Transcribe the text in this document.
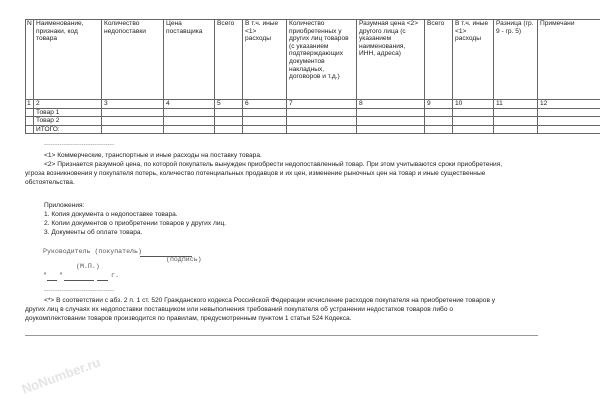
NoNumber.ru
N	Наименование, признаки, код товара	Количество недопоставки	Цена поставщика	Всего	В т.ч. иные <1> расходы	Количество приобретенных у других лиц товаров (с указанием подтверждающих документов накладных, договоров и т.д.)	Разумная цена <2> другого лица (с указанием наименования, ИНН, адреса)	Всего	В т.ч. иные <1> расходы	Разница (гр. 9 - гр. 5)	Примечани
1	2	3	4	5	6	7	8	9	10	11	12
	Товар 1										
	Товар 2										
	ИТОГО:										
--------------------------------
<1> Коммерческие, транспортные и иные расходы на поставку товара.
<2> Признается разумной цена, по которой покупатель вынужден приобрести недопоставленный товар. При этом учитываются сроки приобретения,
угроза возникновения у покупателя потерь, количество потенциальных продавцов и их цен, изменение рыночных цен на товар и иные существенные
обстоятельства.
Приложения:
1. Копия документа о недопоставке товара.
2. Копии документов о приобретении товаров у других лиц.
3. Документы об оплате товара.
Руководитель (покупатель)
(подпись)
(М.П.)
" "	г.
--------------------------------
<*> В соответствии с абз. 2 п. 1 ст. 520 Гражданского кодекса Российской Федерации исчисление расходов покупателя на приобретение товаров у
других лиц в случаях их недопоставки поставщиком или невыполнения требований покупателя об устранении недостатков товаров либо о
доукомплектовании товаров производится по правилам, предусмотренным пунктом 1 статьи 524 Кодекса.
